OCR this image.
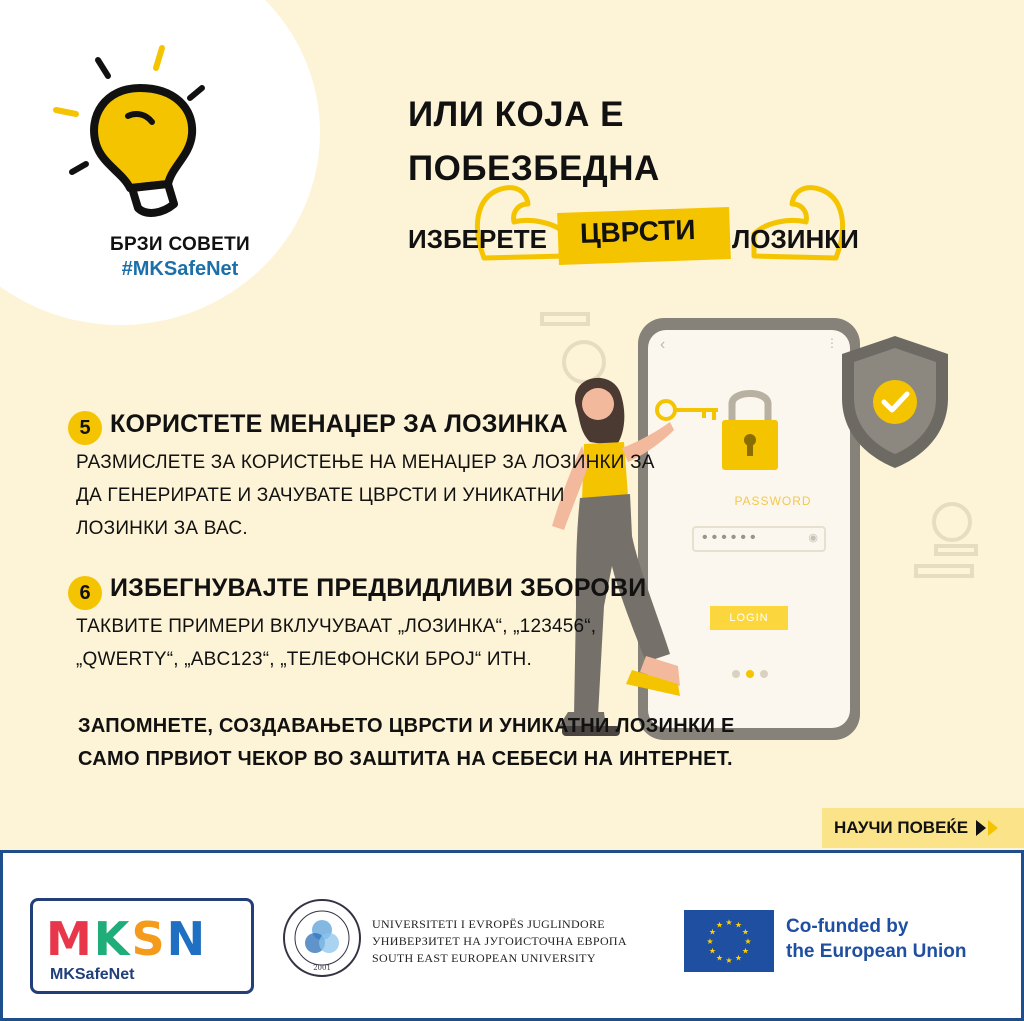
БРЗИ СОВЕТИ
#MKSafeNet
ИЛИ КОЈА Е
ПОБЕЗБЕДНА
ИЗБЕРЕТЕ ЦВРСТИ ЛОЗИНКИ
‹	⋮
PASSWORD
••••••	◉
LOGIN
5 КОРИСТЕТЕ МЕНАЏЕР ЗА ЛОЗИНКА
РАЗМИСЛЕТЕ ЗА КОРИСТЕЊЕ НА МЕНАЏЕР ЗА ЛОЗИНКИ ЗА
ДА ГЕНЕРИРАТЕ И ЗАЧУВАТЕ ЦВРСТИ И УНИКАТНИ
ЛОЗИНКИ ЗА ВАС.
6 ИЗБЕГНУВАЈТЕ ПРЕДВИДЛИВИ ЗБОРОВИ
ТАКВИТЕ ПРИМЕРИ ВКЛУЧУВААТ „ЛОЗИНКА“, „123456“,
„QWERTY“, „ABC123“, „ТЕЛЕФОНСКИ БРОЈ“ ИТН.
ЗАПОМНЕТЕ, СОЗДАВАЊЕТО ЦВРСТИ И УНИКАТНИ ЛОЗИНКИ Е
САМО ПРВИОТ ЧЕКОР ВО ЗАШТИТА НА СЕБЕСИ НА ИНТЕРНЕТ.
НАУЧИ ПОВЕЌЕ
MKSN
MKSafeNet	2001
UNIVERSITETI I EVROPËS JUGLINDORE
УНИВЕРЗИТЕТ НА ЈУГОИСТОЧНА ЕВРОПА
SOUTH EAST EUROPEAN UNIVERSITY
★ ★
★
★
★
★
★
★
★
★
★
★	Co-funded by
the European Union
